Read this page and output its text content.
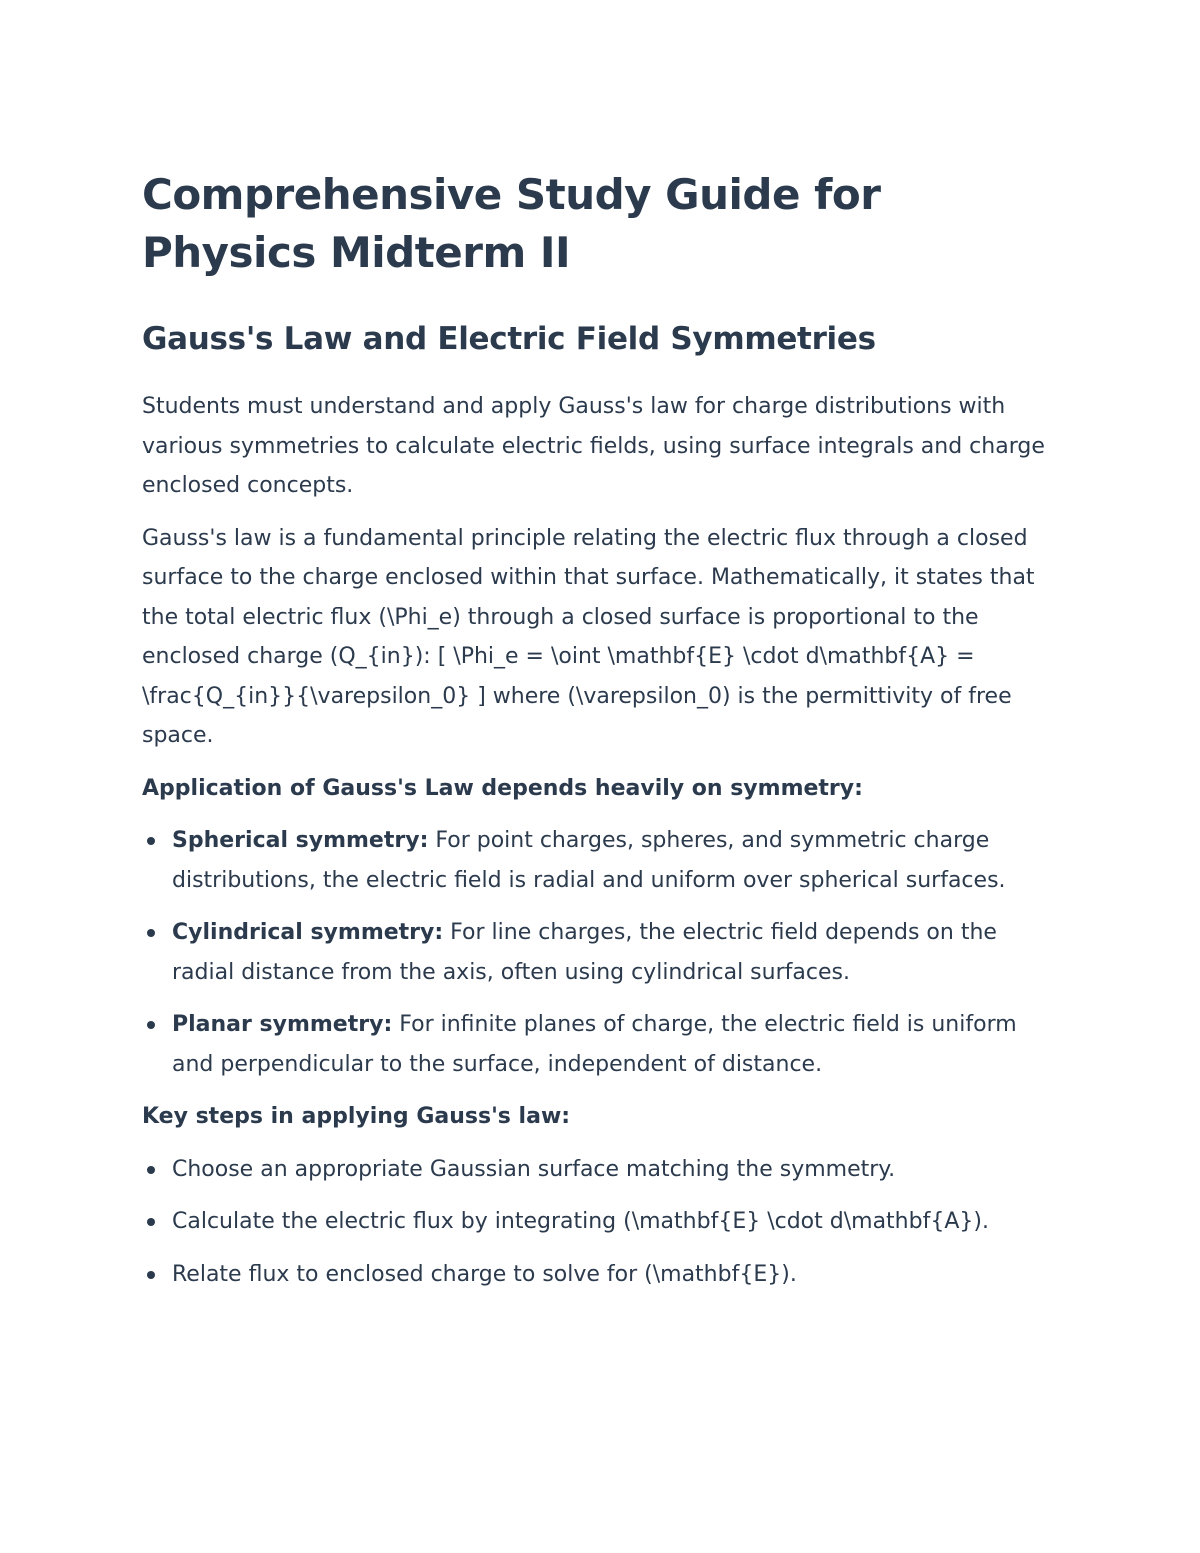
Comprehensive Study Guide for Physics Midterm II
Gauss's Law and Electric Field Symmetries

Students must understand and apply Gauss's law for charge distributions with various symmetries to calculate electric fields, using surface integrals and charge enclosed concepts.

Gauss's law is a fundamental principle relating the electric flux through a closed surface to the charge enclosed within that surface. Mathematically, it states that the total electric flux (\Phi_e) through a closed surface is proportional to the enclosed charge (Q_{in}): [ \Phi_e = \oint \mathbf{E} \cdot d\mathbf{A} = \frac{Q_{in}}{\varepsilon_0} ] where (\varepsilon_0) is the permittivity of free space.

Application of Gauss's Law depends heavily on symmetry:

Spherical symmetry: For point charges, spheres, and symmetric charge distributions, the electric field is radial and uniform over spherical surfaces.
Cylindrical symmetry: For line charges, the electric field depends on the radial distance from the axis, often using cylindrical surfaces.
Planar symmetry: For infinite planes of charge, the electric field is uniform and perpendicular to the surface, independent of distance.

Key steps in applying Gauss's law:

Choose an appropriate Gaussian surface matching the symmetry.
Calculate the electric flux by integrating (\mathbf{E} \cdot d\mathbf{A}).
Relate flux to enclosed charge to solve for (\mathbf{E}).
